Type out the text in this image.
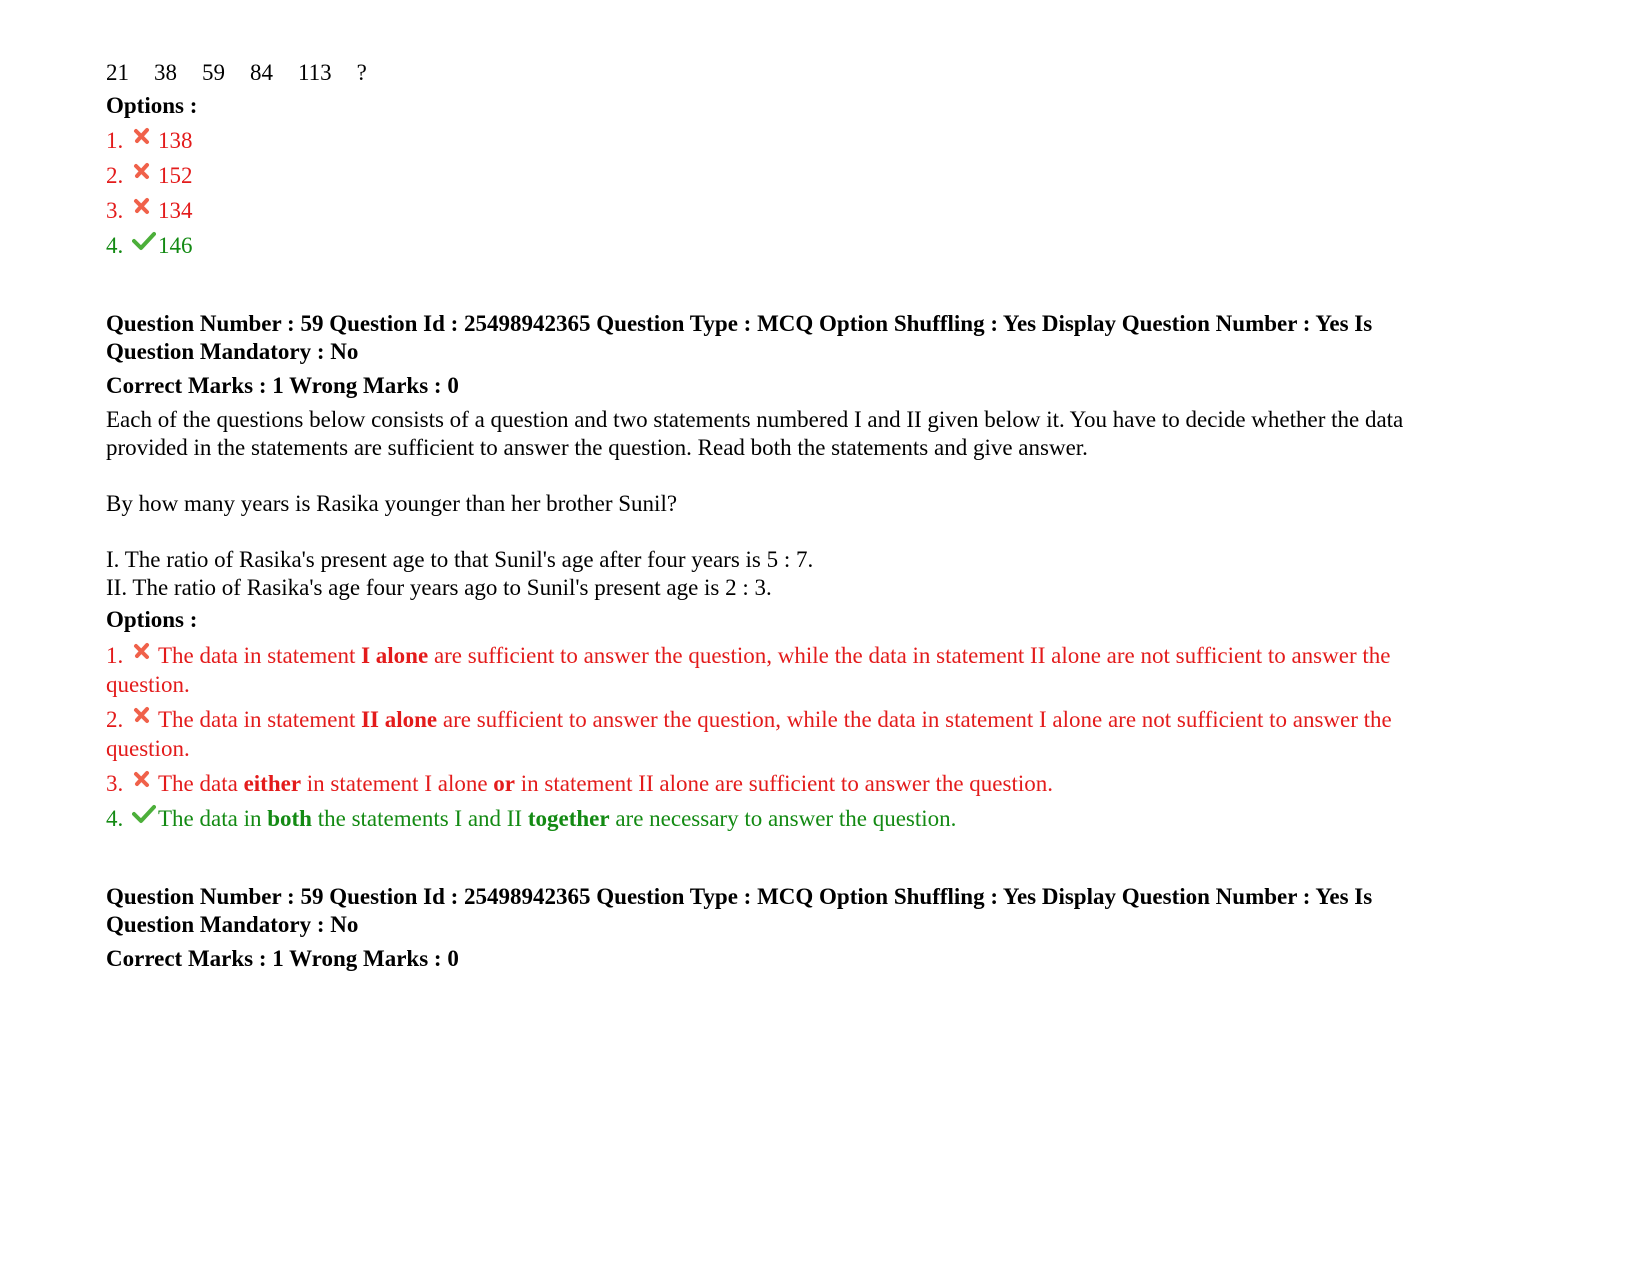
21 38 59 84 113 ?
Options :
1. 138
2. 152
3. 134
4. 146
Question Number : 59 Question Id : 25498942365 Question Type : MCQ Option Shuffling : Yes Display Question Number : Yes Is
Question Mandatory : No
Correct Marks : 1 Wrong Marks : 0
Each of the questions below consists of a question and two statements numbered I and II given below it. You have to decide whether the data
provided in the statements are sufficient to answer the question. Read both the statements and give answer.
By how many years is Rasika younger than her brother Sunil?
I. The ratio of Rasika's present age to that Sunil's age after four years is 5 : 7.
II. The ratio of Rasika's age four years ago to Sunil's present age is 2 : 3.
Options :
1. The data in statement I alone are sufficient to answer the question, while the data in statement II alone are not sufficient to answer the
question.
2. The data in statement II alone are sufficient to answer the question, while the data in statement I alone are not sufficient to answer the
question.
3. The data either in statement I alone or in statement II alone are sufficient to answer the question.
4. The data in both the statements I and II together are necessary to answer the question.
Question Number : 59 Question Id : 25498942365 Question Type : MCQ Option Shuffling : Yes Display Question Number : Yes Is
Question Mandatory : No
Correct Marks : 1 Wrong Marks : 0
